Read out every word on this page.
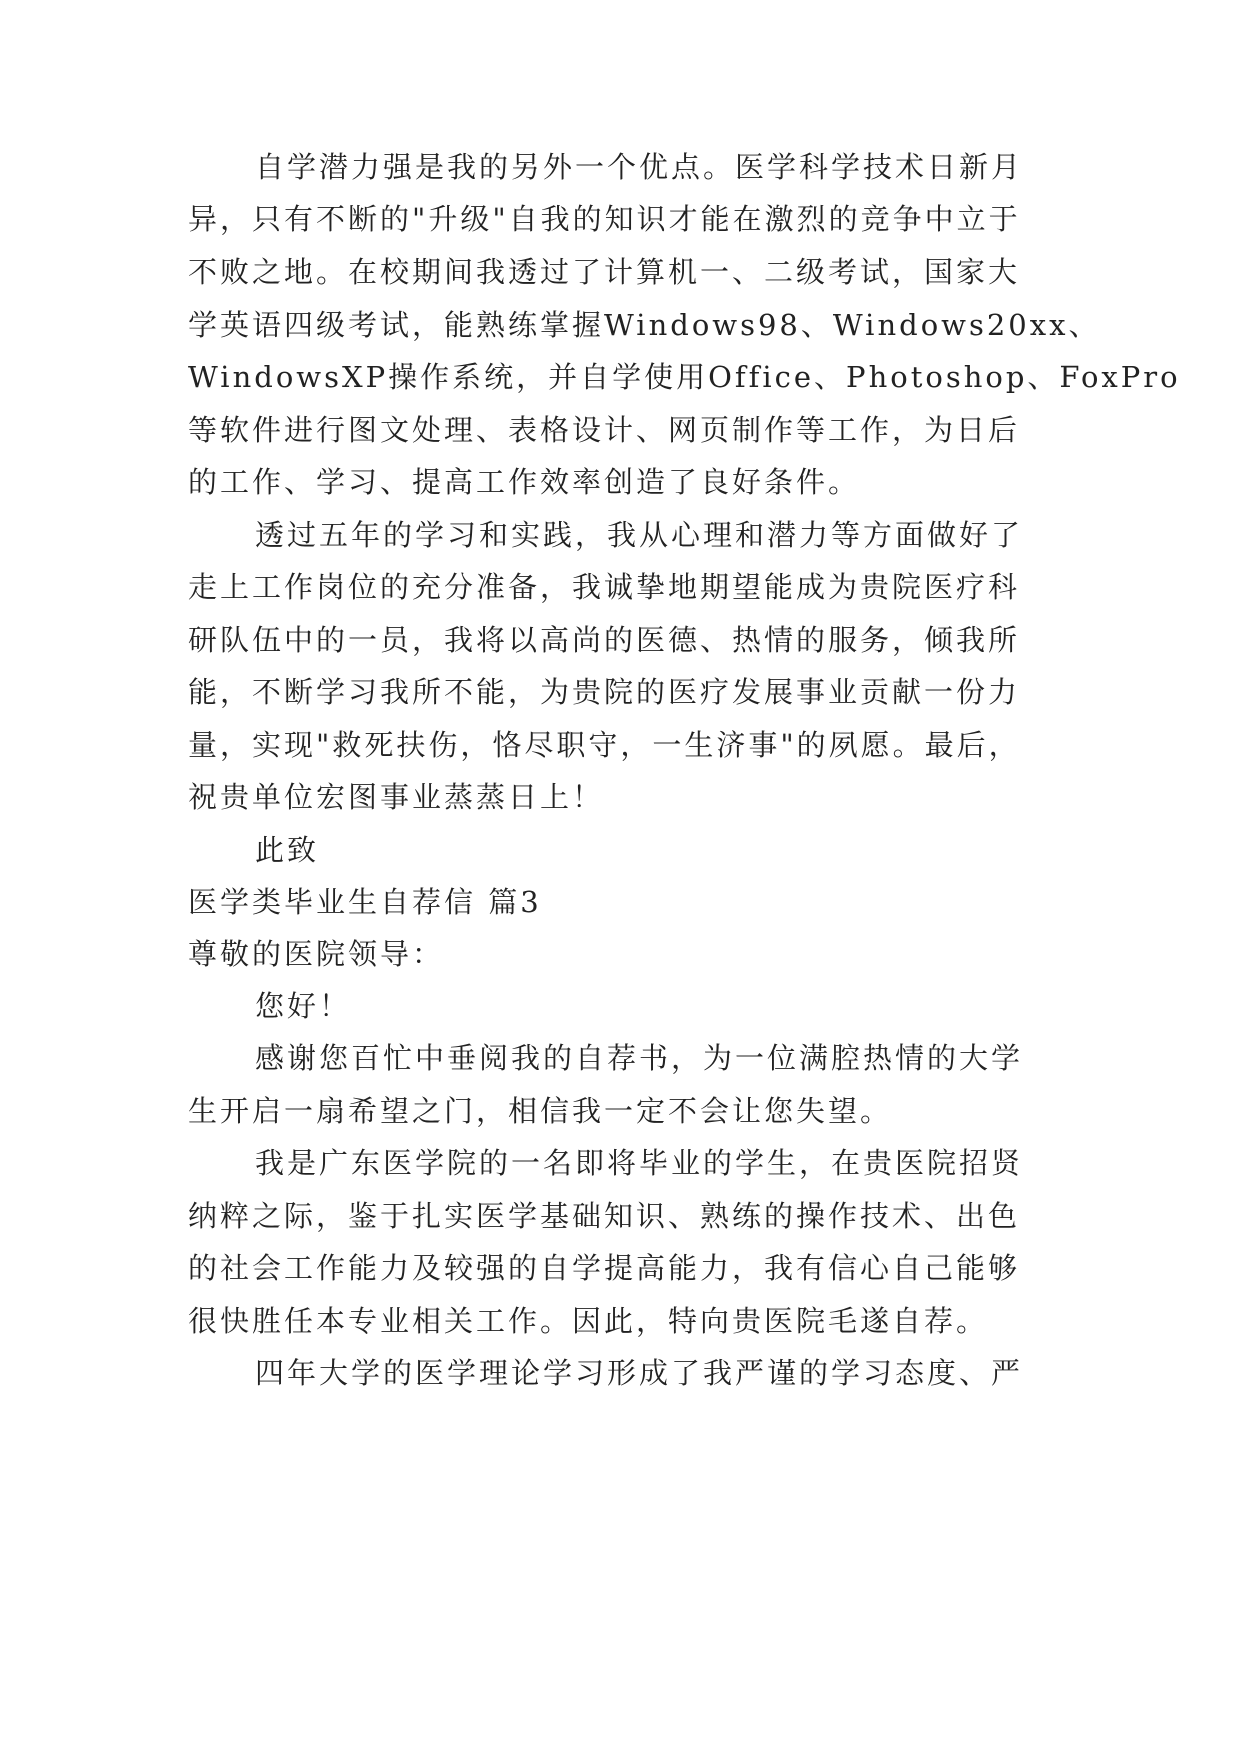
自学潜力强是我的另外一个优点。医学科学技术日新月
异，只有不断的"升级"自我的知识才能在激烈的竞争中立于
不败之地。在校期间我透过了计算机一、二级考试，国家大
学英语四级考试，能熟练掌握Windows98、Windows20xx、
WindowsXP操作系统，并自学使用Office、Photoshop、FoxPro
等软件进行图文处理、表格设计、网页制作等工作，为日后
的工作、学习、提高工作效率创造了良好条件。
透过五年的学习和实践，我从心理和潜力等方面做好了
走上工作岗位的充分准备，我诚挚地期望能成为贵院医疗科
研队伍中的一员，我将以高尚的医德、热情的服务，倾我所
能，不断学习我所不能，为贵院的医疗发展事业贡献一份力
量，实现"救死扶伤，恪尽职守，一生济事"的夙愿。最后，
祝贵单位宏图事业蒸蒸日上！
此致
医学类毕业生自荐信 篇3
尊敬的医院领导：
您好！
感谢您百忙中垂阅我的自荐书，为一位满腔热情的大学
生开启一扇希望之门，相信我一定不会让您失望。
我是广东医学院的一名即将毕业的学生，在贵医院招贤
纳粹之际，鉴于扎实医学基础知识、熟练的操作技术、出色
的社会工作能力及较强的自学提高能力，我有信心自己能够
很快胜任本专业相关工作。因此，特向贵医院毛遂自荐。
四年大学的医学理论学习形成了我严谨的学习态度、严
